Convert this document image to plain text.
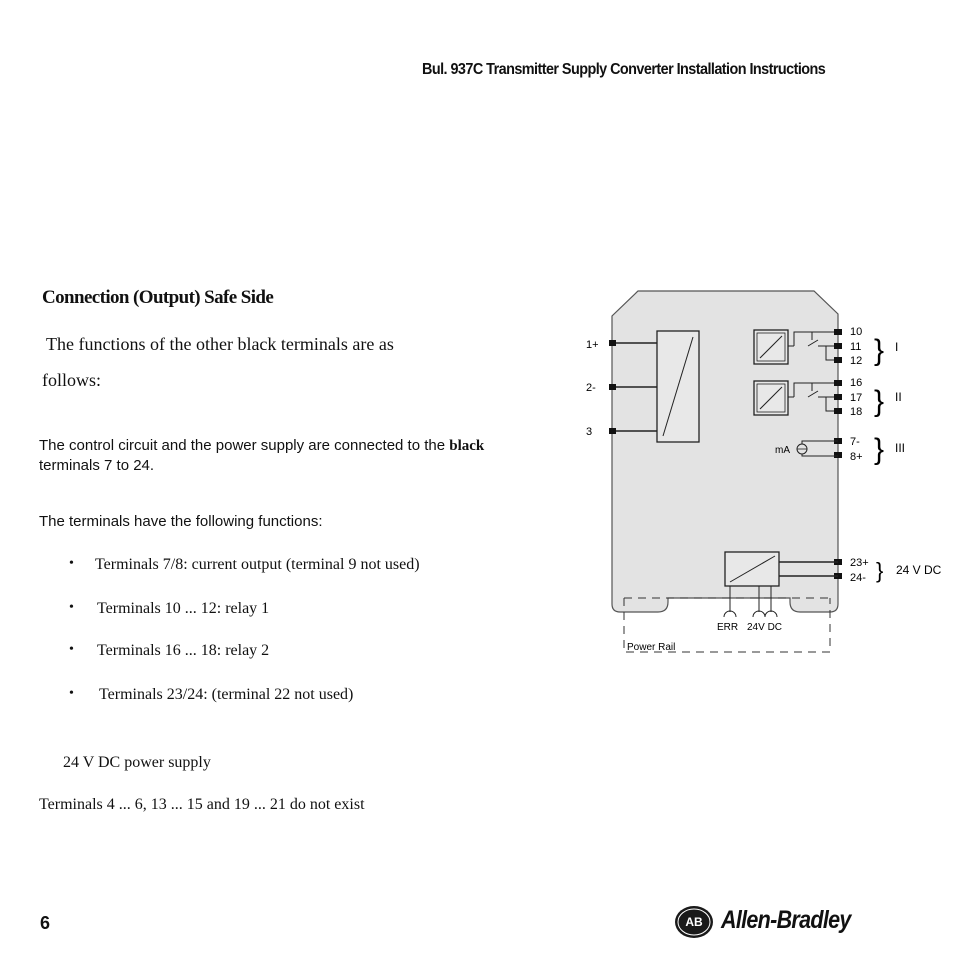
Bul. 937C Transmitter Supply Converter Installation Instructions
Connection (Output) Safe Side
The functions of the other black terminals are as
follows:
The control circuit and the power supply are connected to the black
terminals 7 to 24.
The terminals have the following functions:
• Terminals 7/8: current output (terminal 9 not used)
• Terminals 10 ... 12: relay 1
• Terminals 16 ... 18: relay 2
• Terminals 23/24: (terminal 22 not used)
24 V DC power supply
Terminals 4 ... 6, 13 ... 15 and 19 ... 21 do not exist
1+
2-
3
10
11
12
16
17
18
7-
8+
23+
24-
}
}
}
}
I
II
III
24 V DC
mA
ERR 24V DC
Power Rail
6	AB Allen-Bradley
